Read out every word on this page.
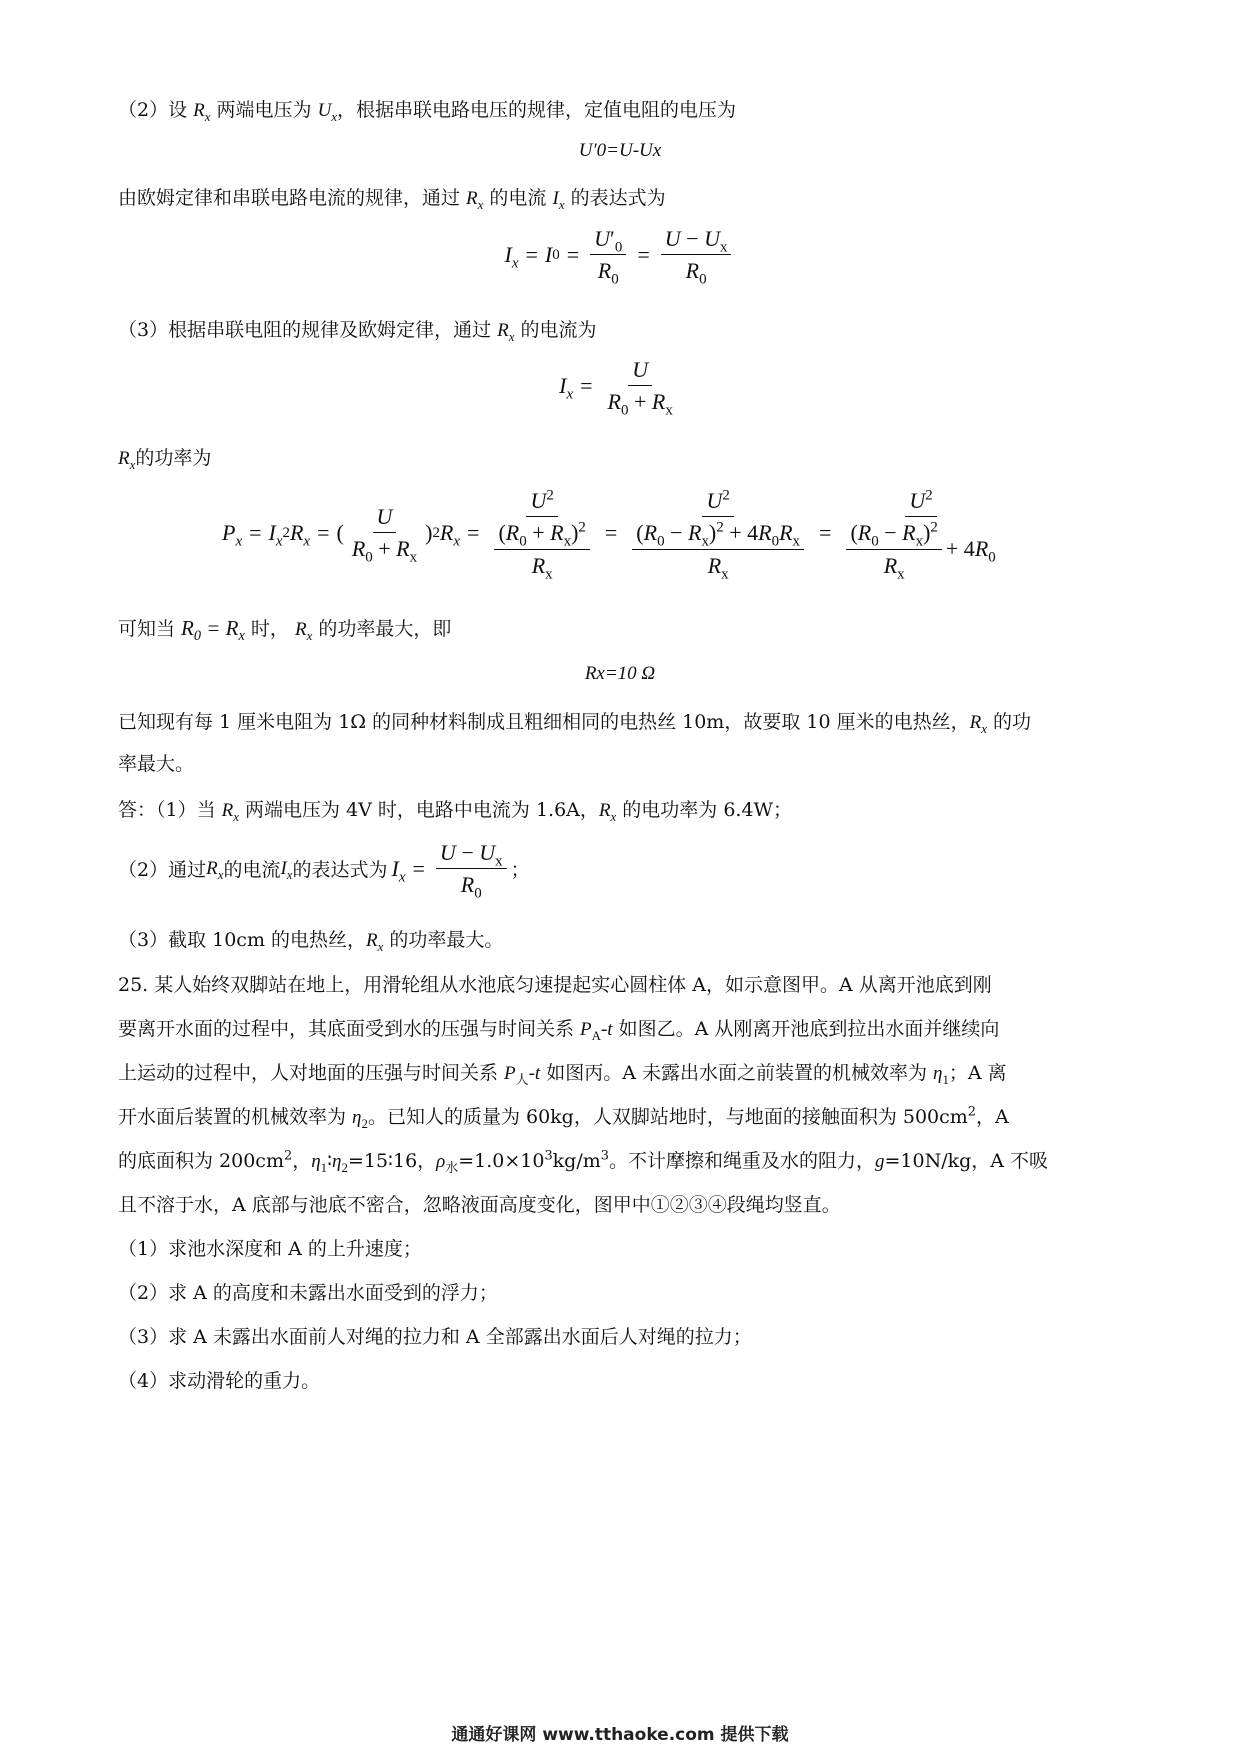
（2）设 $R_x$ 两端电压为 $U_x$，根据串联电路电压的规律，定值电阻的电压为
U′0=U-Ux
由欧姆定律和串联电路电流的规律，通过 $R_x$ 的电流 $I_x$ 的表达式为
$I_x = I$ $0 = \frac{U'_0}{R_0} = \frac{U - U_x}{R_0}$
（3）根据串联电阻的规律及欧姆定律，通过 $R_x$ 的电流为
$I_x = \frac{U}{R_0 + R_x}$
$R_x$的功率为
$P_x = I_x$
2 $R_x$ = ( $\frac{U}{R_0 + R_x}$ ) 2 $R_x = \frac{U^2}{\frac{(R_0 + R_x)^2}{R_x}} = \frac{U^2}{\frac{(R_0 - R_x)^2 + 4R_0R_x}{R_x}} = \frac{U^2}{\frac{(R_0 - R_x)^2}{R_x} + 4R_0}$
可知当 $R_0 = R_x$ 时， $R_x$ 的功率最大，即
Rx=10 Ω
已知现有每 1 厘米电阻为 1Ω 的同种材料制成且粗细相同的电热丝 10m，故要取 10 厘米的电热丝，$R_x$ 的功
率最大。
答：（1）当 $R_x$ 两端电压为 4V 时，电路中电流为 1.6A，$R_x$ 的电功率为 6.4W；
（2）通过 $R_x$ 的电流 $I_x$ 的表达式为 $I_x = \frac{U - U_x}{R_0}$ ；
（3）截取 10cm 的电热丝，$R_x$ 的功率最大。
25. 某人始终双脚站在地上，用滑轮组从水池底匀速提起实心圆柱体 A，如示意图甲。A 从离开池底到刚
要离开水面的过程中，其底面受到水的压强与时间关系 $P_A-t$ 如图乙。A 从刚离开池底到拉出水面并继续向
上运动的过程中，人对地面的压强与时间关系 $P_人-t$ 如图丙。A 未露出水面之前装置的机械效率为 $\eta_1$；A 离
开水面后装置的机械效率为 $\eta_2$。已知人的质量为 60kg，人双脚站地时，与地面的接触面积为 $500cm^2$，A
的底面积为 $200cm^2$，$\eta_1∶\eta_2=15∶16$，$\rho_水=1.0\times 10^3kg/m^3$。不计摩擦和绳重及水的阻力，g=10N/kg，A 不吸
且不溶于水，A 底部与池底不密合，忽略液面高度变化，图甲中①②③④段绳均竖直。
（1）求池水深度和 A 的上升速度；
（2）求 A 的高度和未露出水面受到的浮力；
（3）求 A 未露出水面前人对绳的拉力和 A 全部露出水面后人对绳的拉力；
（4）求动滑轮的重力。
通通好课网 www.tthaoke.com 提供下载
